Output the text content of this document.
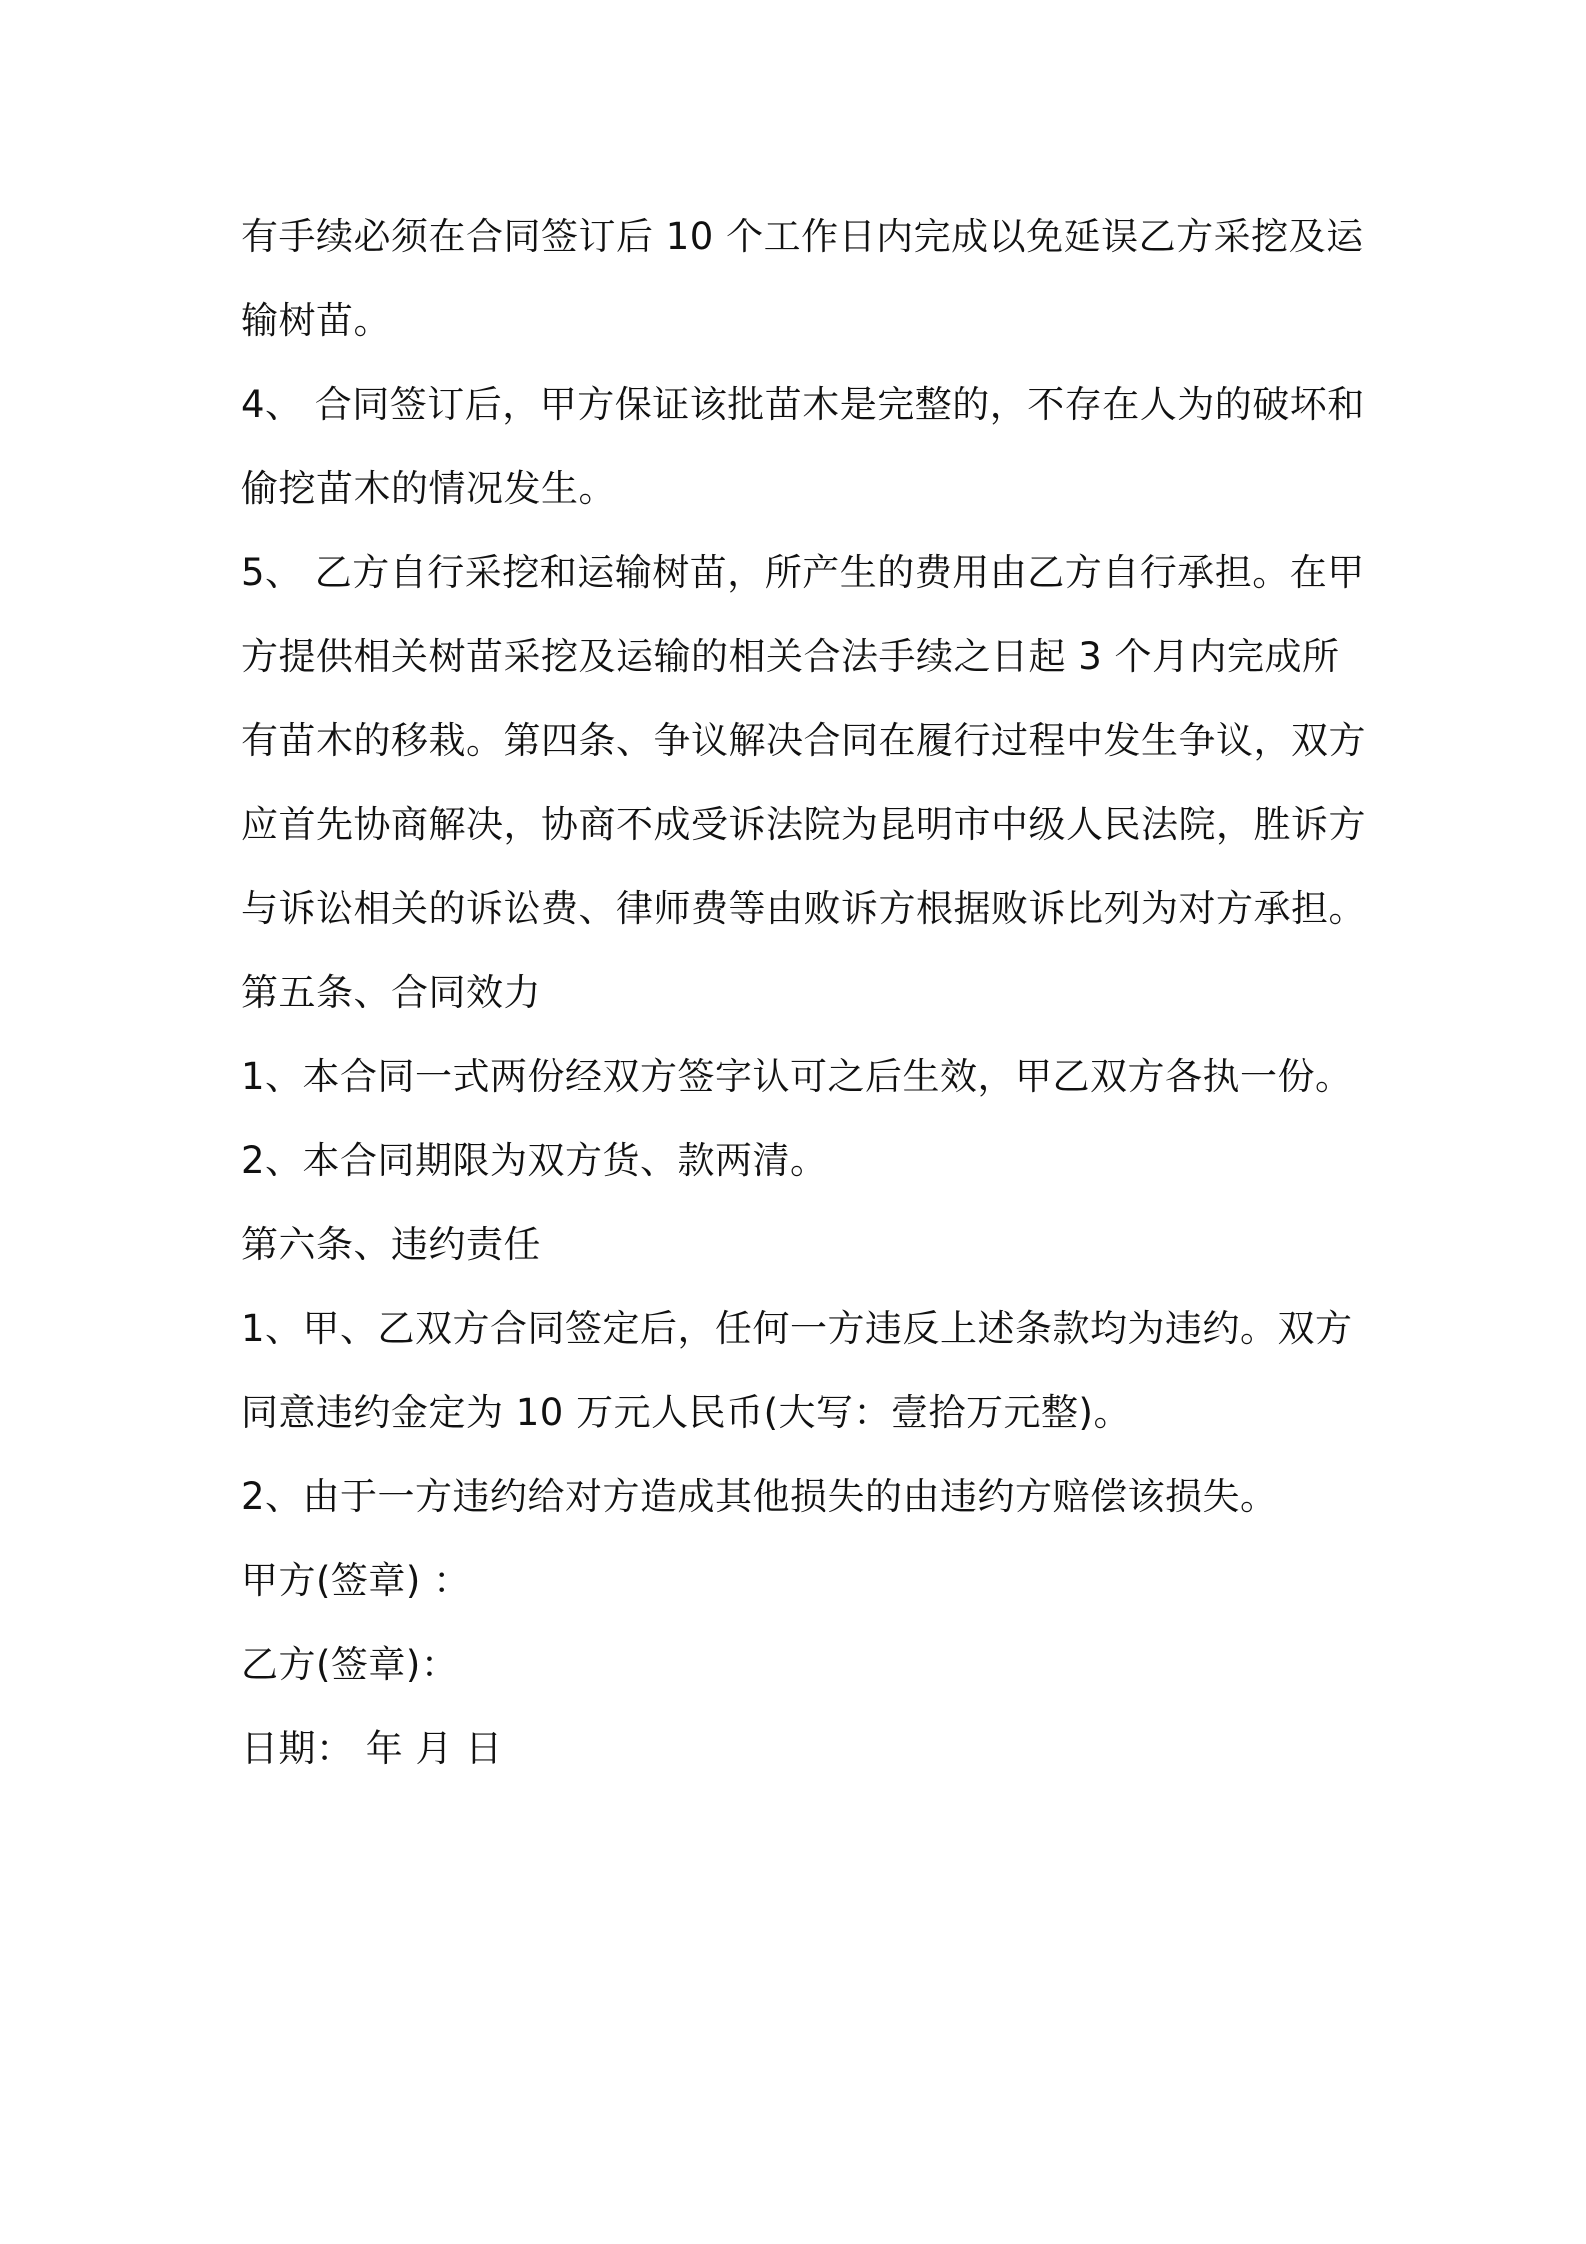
有手续必须在合同签订后 10 个工作日内完成以免延误乙方采挖及运
输树苗。
4、 合同签订后，甲方保证该批苗木是完整的，不存在人为的破坏和
偷挖苗木的情况发生。
5、 乙方自行采挖和运输树苗，所产生的费用由乙方自行承担。在甲
方提供相关树苗采挖及运输的相关合法手续之日起 3 个月内完成所
有苗木的移栽。第四条、争议解决合同在履行过程中发生争议，双方
应首先协商解决，协商不成受诉法院为昆明市中级人民法院，胜诉方
与诉讼相关的诉讼费、律师费等由败诉方根据败诉比列为对方承担。
第五条、合同效力
1、本合同一式两份经双方签字认可之后生效，甲乙双方各执一份。
2、本合同期限为双方货、款两清。
第六条、违约责任
1、甲、乙双方合同签定后，任何一方违反上述条款均为违约。双方
同意违约金定为 10 万元人民币(大写：壹拾万元整)。
2、由于一方违约给对方造成其他损失的由违约方赔偿该损失。
甲方(签章) ：
乙方(签章)：
日期： 年 月 日
